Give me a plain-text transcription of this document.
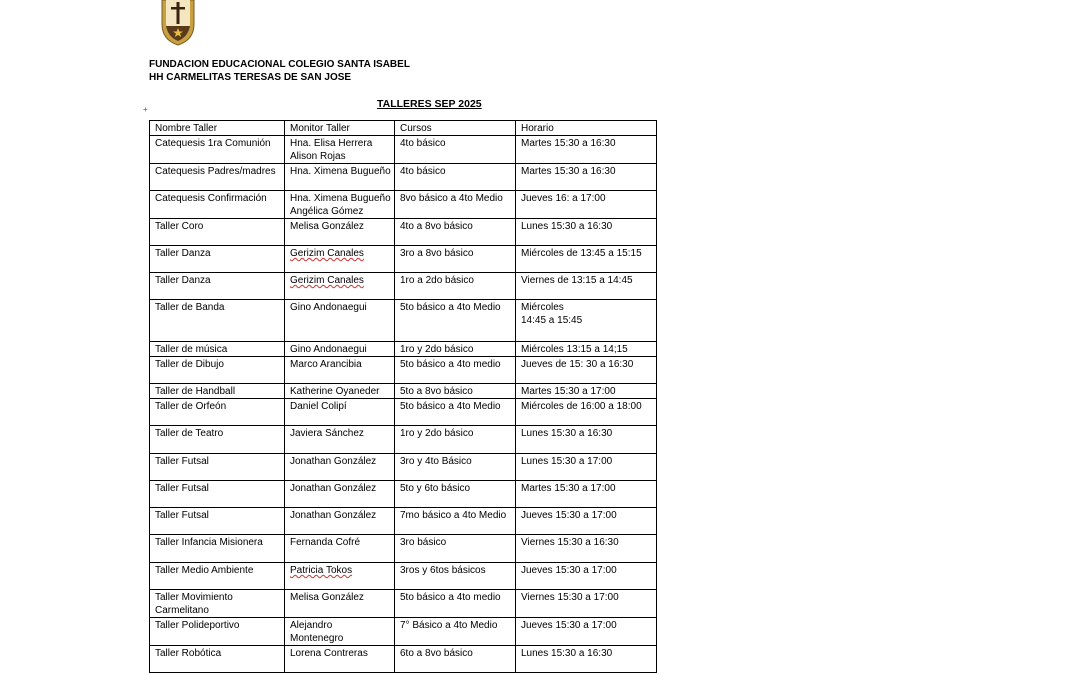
FUNDACION EDUCACIONAL COLEGIO SANTA ISABEL
HH CARMELITAS TERESAS DE SAN JOSE
+	TALLERES SEP 2025
Nombre Taller	Monitor Taller	Cursos	Horario

Catequesis 1ra Comunión	Hna. Elisa Herrera
Alison Rojas	4to básico	Martes 15:30 a 16:30

Catequesis Padres/madres	Hna. Ximena Bugueño	4to básico	Martes 15:30 a 16:30

Catequesis Confirmación	Hna. Ximena Bugueño
Angélica Gómez	8vo básico a 4to Medio	Jueves 16: a 17:00

Taller Coro	Melisa González	4to a 8vo básico	Lunes 15:30 a 16:30

Taller Danza	Gerizim Canales	3ro a 8vo básico	Miércoles de 13:45 a 15:15

Taller Danza	Gerizim Canales	1ro a 2do básico	Viernes de 13:15 a 14:45

Taller de Banda	Gino Andonaegui	5to básico a 4to Medio	Miércoles
14:45 a 15:45

Taller de música	Gino Andonaegui	1ro y 2do básico	Miércoles 13:15 a 14;15

Taller de Dibujo	Marco Arancibia	5to básico a 4to medio	Jueves de 15: 30 a 16:30

Taller de Handball	Katherine Oyaneder	5to a 8vo básico	Martes 15:30 a 17:00

Taller de Orfeón	Daniel Colipí	5to básico a 4to Medio	Miércoles de 16:00 a 18:00

Taller de Teatro	Javiera Sánchez	1ro y 2do básico	Lunes 15:30 a 16:30

Taller Futsal	Jonathan González	3ro y 4to Básico	Lunes 15:30 a 17:00

Taller Futsal	Jonathan González	5to y 6to básico	Martes 15:30 a 17:00

Taller Futsal	Jonathan González	7mo básico a 4to Medio	Jueves 15:30 a 17:00

Taller Infancia Misionera	Fernanda Cofré	3ro básico	Viernes 15:30 a 16:30

Taller Medio Ambiente	Patricia Tokos	3ros y 6tos básicos	Jueves 15:30 a 17:00

Taller Movimiento
Carmelitano	Melisa González	5to básico a 4to medio	Viernes 15:30 a 17:00

Taller Polideportivo	Alejandro
Montenegro	7° Básico a 4to Medio	Jueves 15:30 a 17:00

Taller Robótica	Lorena Contreras	6to a 8vo básico	Lunes 15:30 a 16:30
